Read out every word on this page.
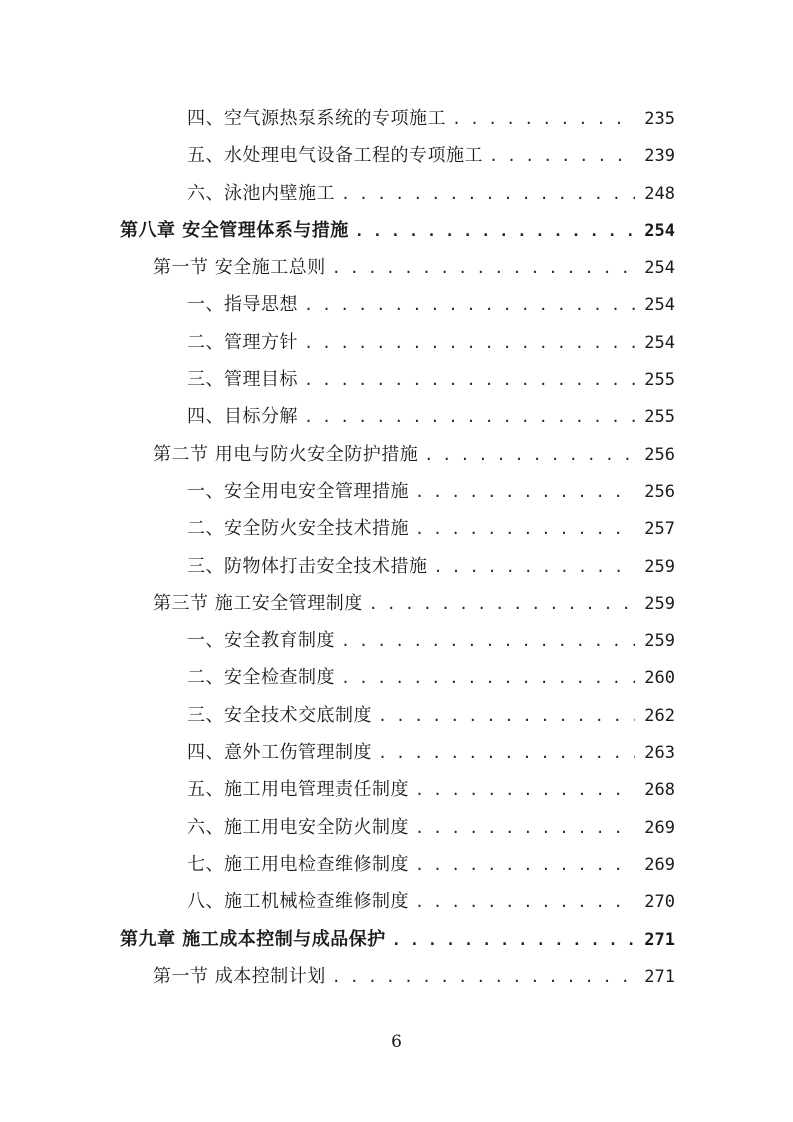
四、空气源热泵系统的专项施工 . . .	235
五、水处理电气设备工程的专项施工 . . .	239
六、泳池内壁施工 . . .	248
第八章 安全管理体系与措施 . . .	254
第一节 安全施工总则 . . .	254
一、指导思想 . . .	254
二、管理方针 . . .	254
三、管理目标 . . .	255
四、目标分解 . . .	255
第二节 用电与防火安全防护措施 . . .	256
一、安全用电安全管理措施 . . .	256
二、安全防火安全技术措施 . . .	257
三、防物体打击安全技术措施 . . .	259
第三节 施工安全管理制度 . . .	259
一、安全教育制度 . . .	259
二、安全检查制度 . . .	260
三、安全技术交底制度 . . .	262
四、意外工伤管理制度 . . .	263
五、施工用电管理责任制度 . . .	268
六、施工用电安全防火制度 . . .	269
七、施工用电检查维修制度 . . .	269
八、施工机械检查维修制度 . . .	270
第九章 施工成本控制与成品保护 . . .	271
第一节 成本控制计划 . . .	271
6
